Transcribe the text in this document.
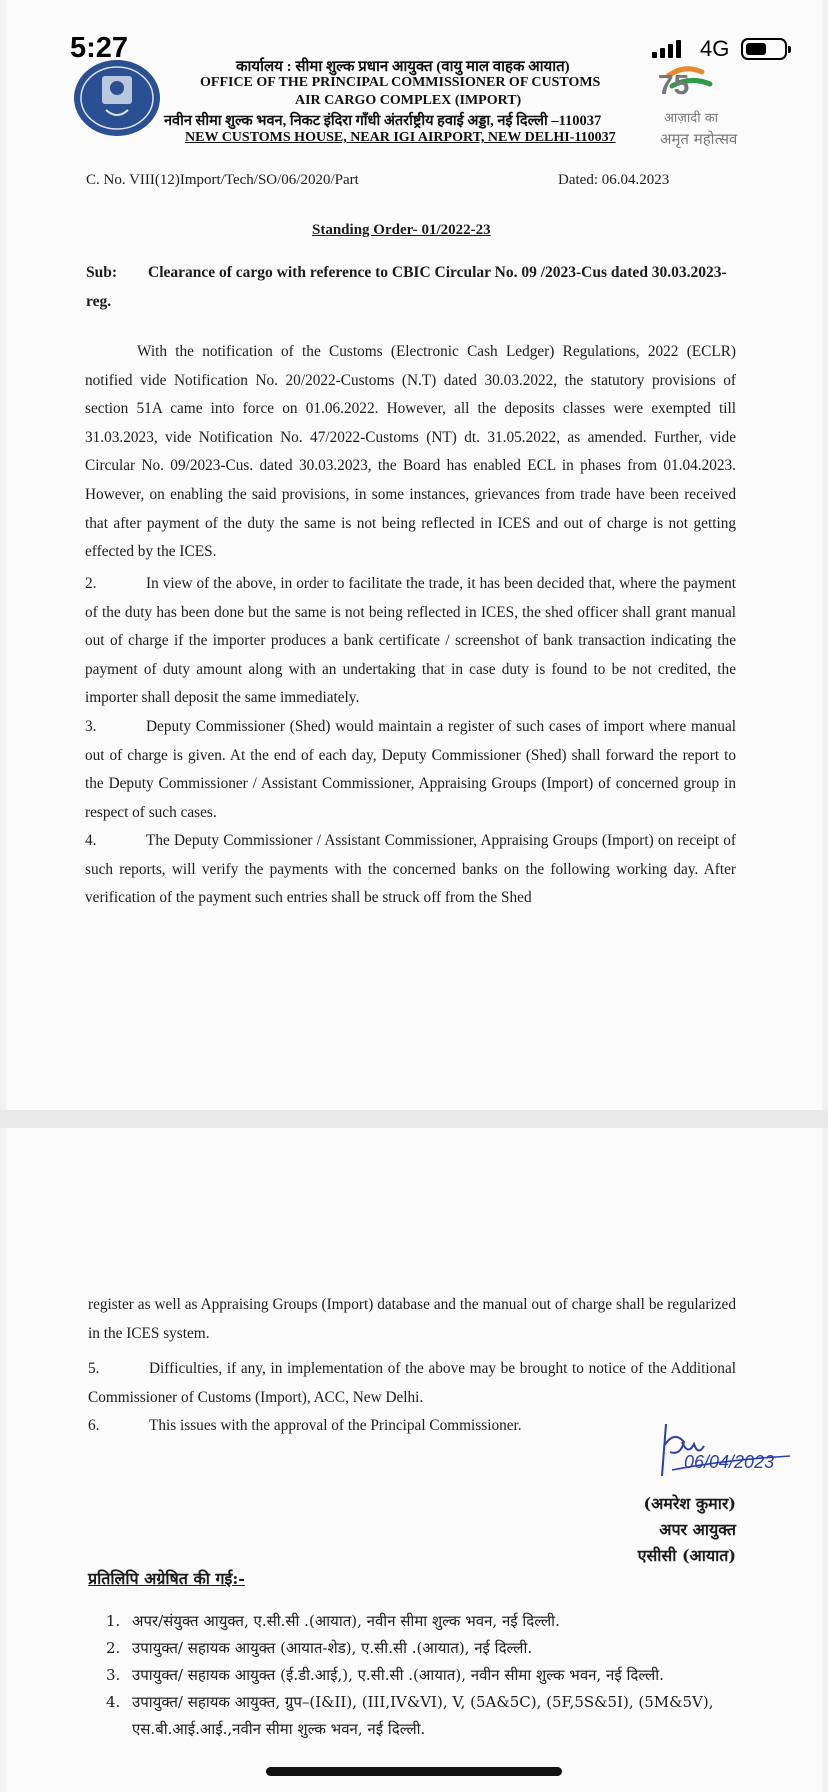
5:27	4G
75
आज़ादी का
अमृत महोत्सव
कार्यालय : सीमा शुल्क प्रधान आयुक्त (वायु माल वाहक आयात)
OFFICE OF THE PRINCIPAL COMMISSIONER OF CUSTOMS
AIR CARGO COMPLEX (IMPORT)
नवीन सीमा शुल्क भवन, निकट इंदिरा गाँधी अंतर्राष्ट्रीय हवाई अड्डा, नई दिल्ली –110037
NEW CUSTOMS HOUSE, NEAR IGI AIRPORT, NEW DELHI-110037
C. No. VIII(12)Import/Tech/SO/06/2020/Part	Dated: 06.04.2023
Standing Order- 01/2022-23
Sub: Clearance of cargo with reference to CBIC Circular No. 09 /2023-Cus dated 30.03.2023- reg.
With the notification of the Customs (Electronic Cash Ledger) Regulations, 2022 (ECLR) notified vide Notification No. 20/2022-Customs (N.T) dated 30.03.2022, the statutory provisions of section 51A came into force on 01.06.2022. However, all the deposits classes were exempted till 31.03.2023, vide Notification No. 47/2022-Customs (NT) dt. 31.05.2022, as amended. Further, vide Circular No. 09/2023-Cus. dated 30.03.2023, the Board has enabled ECL in phases from 01.04.2023. However, on enabling the said provisions, in some instances, grievances from trade have been received that after payment of the duty the same is not being reflected in ICES and out of charge is not getting effected by the ICES.
2.	In view of the above, in order to facilitate the trade, it has been decided that, where the payment of the duty has been done but the same is not being reflected in ICES, the shed officer shall grant manual out of charge if the importer produces a bank certificate / screenshot of bank transaction indicating the payment of duty amount along with an undertaking that in case duty is found to be not credited, the importer shall deposit the same immediately.
3.	Deputy Commissioner (Shed) would maintain a register of such cases of import where manual out of charge is given. At the end of each day, Deputy Commissioner (Shed) shall forward the report to the Deputy Commissioner / Assistant Commissioner, Appraising Groups (Import) of concerned group in respect of such cases.
4.	The Deputy Commissioner / Assistant Commissioner, Appraising Groups (Import) on receipt of such reports, will verify the payments with the concerned banks on the following working day. After verification of the payment such entries shall be struck off from the Shed
register as well as Appraising Groups (Import) database and the manual out of charge shall be regularized in the ICES system.
5.	Difficulties, if any, in implementation of the above may be brought to notice of the Additional Commissioner of Customs (Import), ACC, New Delhi.
6.	This issues with the approval of the Principal Commissioner.
06/04/2023
(अमरेश कुमार)
अपर आयुक्त
एसीसी (आयात)
प्रतिलिपि अग्रेषित की गई:-
1. अपर/संयुक्त आयुक्त, ए.सी.सी .(आयात), नवीन सीमा शुल्क भवन, नई दिल्ली.
2. उपायुक्त/ सहायक आयुक्त (आयात-शेड), ए.सी.सी .(आयात), नई दिल्ली.
3. उपायुक्त/ सहायक आयुक्त (ई.डी.आई,), ए.सी.सी .(आयात), नवीन सीमा शुल्क भवन, नई दिल्ली.
4. उपायुक्त/ सहायक आयुक्त, ग्रुप–(I&II), (III,IV&VI), V, (5A&5C), (5F,5S&5I), (5M&5V), एस.बी.आई.आई.,नवीन सीमा शुल्क भवन, नई दिल्ली.
